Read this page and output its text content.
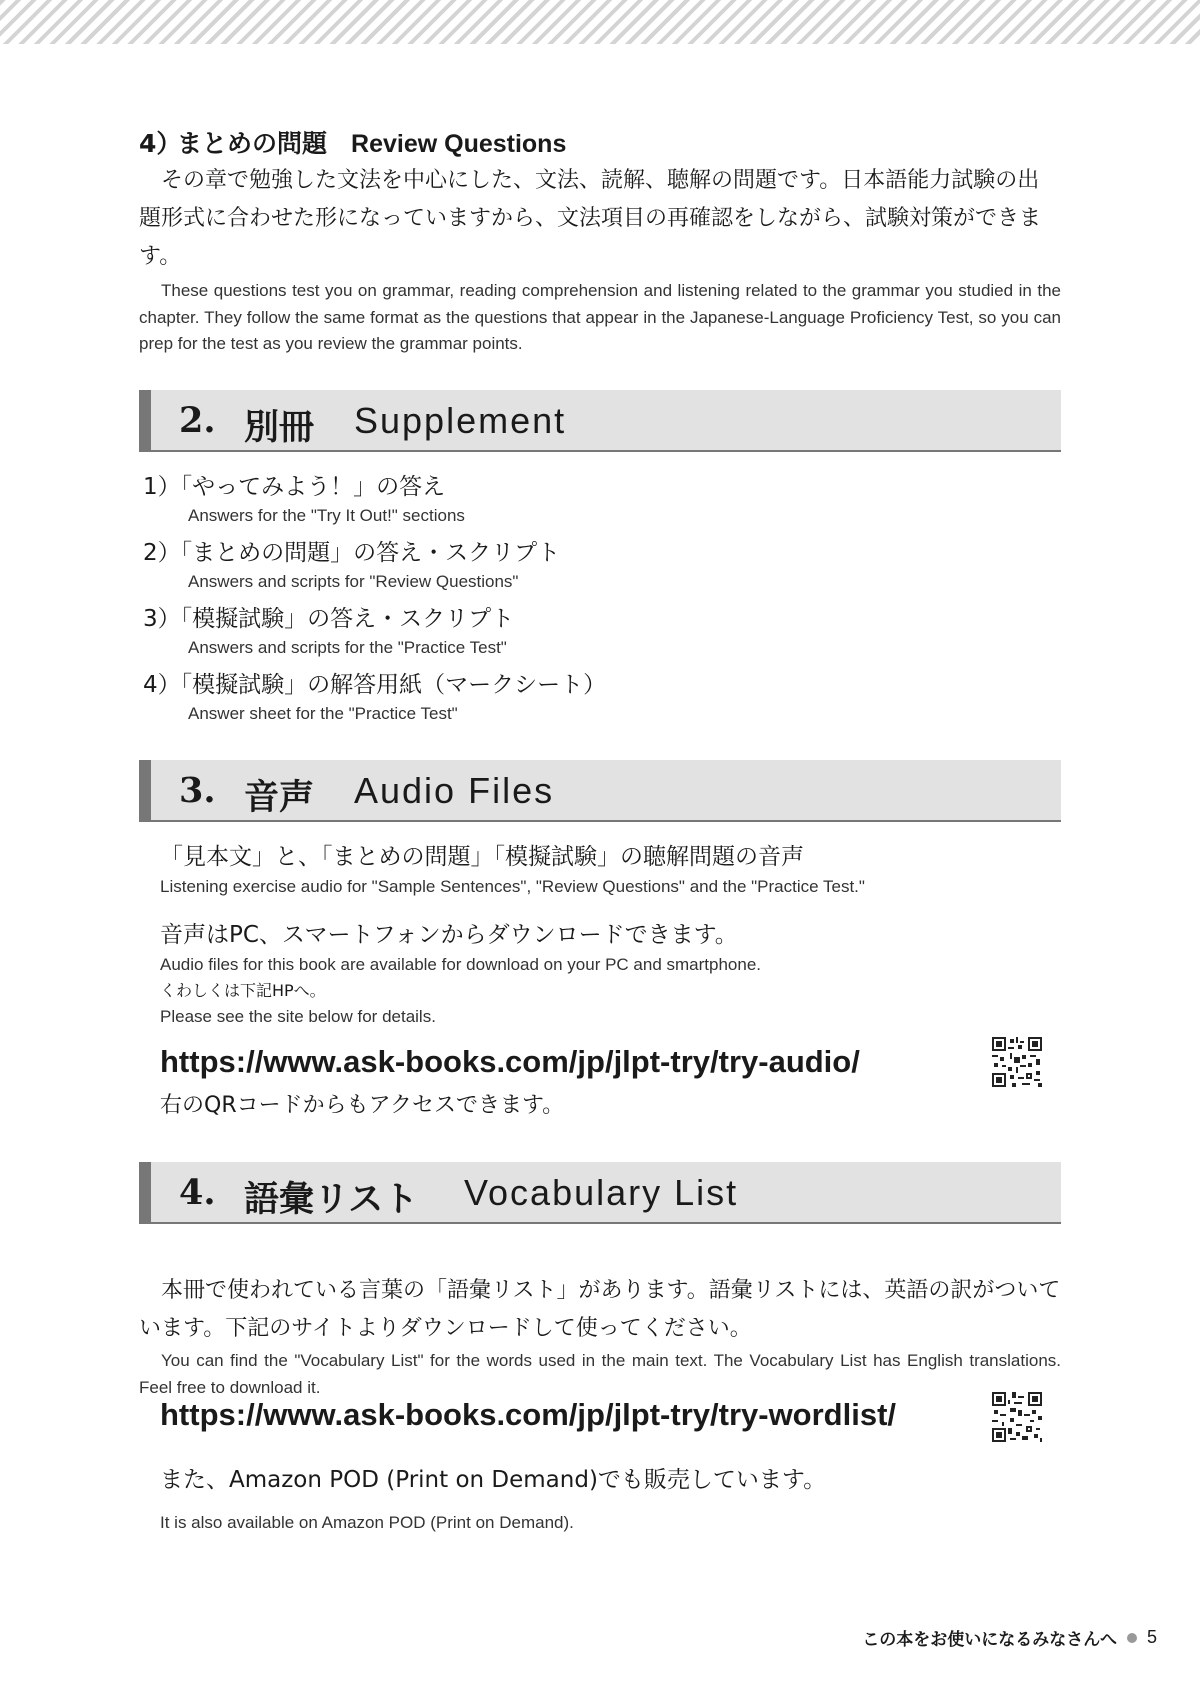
4）
まとめの問題 Review Questions
その章で勉強した文法を中心にした、文法、読解、聴解の問題です。日本語能力試験の出題形式に合わせた形になっていますから、文法項目の再確認をしながら、試験対策ができます。
These questions test you on grammar, reading comprehension and listening related to the grammar you studied in the chapter. They follow the same format as the questions that appear in the Japanese-Language Proficiency Test, so you can prep for the test as you review the grammar points.
2. 別冊 Supplement
1）「やってみよう！」の答え
Answers for the "Try It Out!" sections
2）「まとめの問題」の答え・スクリプト
Answers and scripts for "Review Questions"
3）「模擬試験」の答え・スクリプト
Answers and scripts for the "Practice Test"
4）「模擬試験」の解答用紙（マークシート）
Answer sheet for the "Practice Test"
3. 音声 Audio Files
「見本文」と、「まとめの問題」「模擬試験」の聴解問題の音声
Listening exercise audio for "Sample Sentences", "Review Questions" and the "Practice Test."
音声はPC、スマートフォンからダウンロードできます。
Audio files for this book are available for download on your PC and smartphone.
くわしくは下記HPへ。
Please see the site below for details.
https://www.ask-books.com/jp/jlpt-try/try-audio/
右のQRコードからもアクセスできます。
4. 語彙リスト Vocabulary List
本冊で使われている言葉の「語彙リスト」があります。語彙リストには、英語の訳がついています。下記のサイトよりダウンロードして使ってください。
You can find the "Vocabulary List" for the words used in the main text. The Vocabulary List has English translations. Feel free to download it.
https://www.ask-books.com/jp/jlpt-try/try-wordlist/
また、Amazon POD (Print on Demand)でも販売しています。
It is also available on Amazon POD (Print on Demand).
この本をお使いになるみなさんへ 5
